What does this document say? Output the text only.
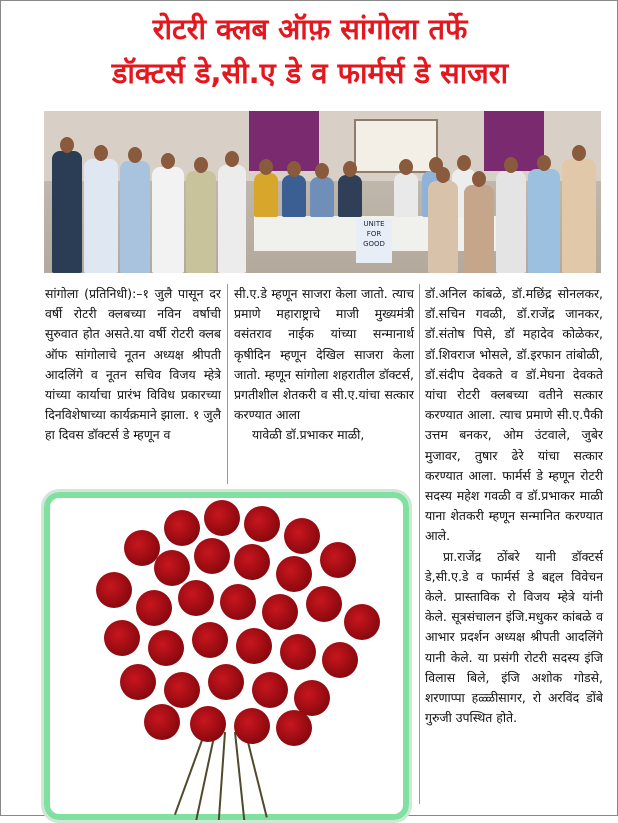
रोटरी क्लब ऑफ़ सांगोला तर्फे
डॉक्टर्स डे,सी.ए डे व फार्मर्स डे साजरा
UNITE FOR GOOD

सांगोला (प्रतिनिधी):–१ जुलै पासून दर वर्षी रोटरी क्लबच्या नविन वर्षाची सुरुवात होत असते.या वर्षी रोटरी क्लब ऑफ सांगोलाचे नूतन अध्यक्ष श्रीपती आदलिंगे व नूतन सचिव विजय म्हेत्रे यांच्या कार्याचा प्रारंभ विविध प्रकारच्या दिनविशेषाच्या कार्यक्रमाने झाला. १ जुलै हा दिवस डॉक्टर्स डे म्हणून व

सी.ए.डे म्हणून साजरा केला जातो. त्याच प्रमाणे महाराष्ट्राचे माजी मुख्यमंत्री वसंतराव नाईक यांच्या सन्मानार्थ कृषीदिन म्हणून देखिल साजरा केला जातो. म्हणून सांगोला शहरातील डॉक्टर्स, प्रगतीशील शेतकरी व सी.ए.यांचा सत्कार करण्यात आला

यावेळी डॉ.प्रभाकर माळी,

डॉ.अनिल कांबळे, डॉ.मछिंद्र सोनलकर, डॉ.सचिन गवळी, डॉ.राजेंद्र जानकर, डॉ.संतोष पिसे, डॉ महादेव कोळेकर, डॉ.शिवराज भोसले, डॉ.इरफान तांबोळी, डॉ.संदीप देवकते व डॉ.मेघना देवकते यांचा रोटरी क्लबच्या वतीने सत्कार करण्यात आला. त्याच प्रमाणे सी.ए.पैकी उत्तम बनकर, ओम उंटवाले, जुबेर मुजावर, तुषार ढेरे यांचा सत्कार करण्यात आला. फार्मर्स डे म्हणून रोटरी सदस्य महेश गवळी व डॉ.प्रभाकर माळी याना शेतकरी म्हणून सन्मानित करण्यात आले.

प्रा.राजेंद्र ठोंबरे यानी डॉक्टर्स डे,सी.ए.डे व फार्मर्स डे बद्दल विवेचन केले. प्रास्ताविक रो विजय म्हेत्रे यांनी केले. सूत्रसंचालन इंजि.मधुकर कांबळे व आभार प्रदर्शन अध्यक्ष श्रीपती आदलिंगे यानी केले. या प्रसंगी रोटरी सदस्य इंजि विलास बिले, इंजि अशोक गोडसे, शरणाप्पा हळ्ळीसागर, रो अरविंद डोंबे गुरुजी उपस्थित होते.
